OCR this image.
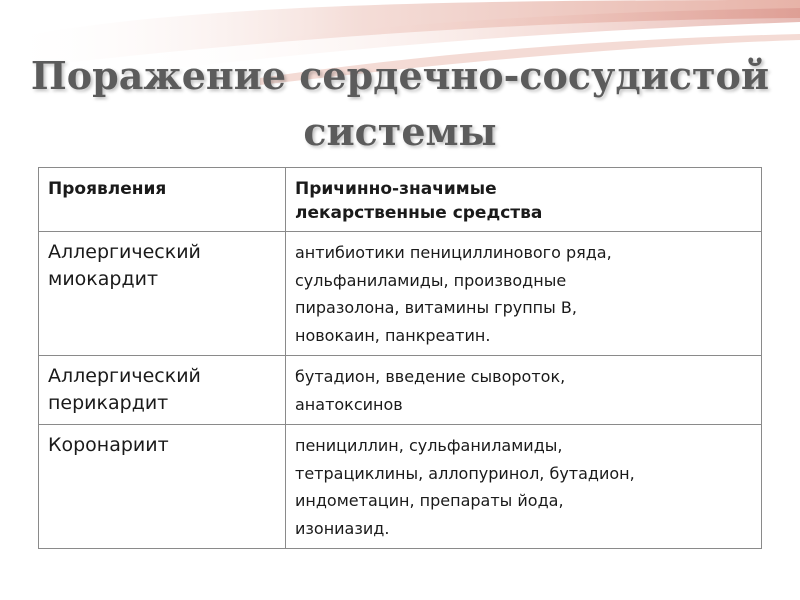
Поражение сердечно-сосудистой
системы
Проявления	Причинно-значимые
лекарственные средства
Аллергический
миокардит	антибиотики пенициллинового ряда,
сульфаниламиды, производные
пиразолона, витамины группы В,
новокаин, панкреатин.
Аллергический
перикардит	бутадион, введение сывороток,
анатоксинов
Коронариит	пенициллин, сульфаниламиды,
тетрациклины, аллопуринол, бутадион,
индометацин, препараты йода,
изониазид.
